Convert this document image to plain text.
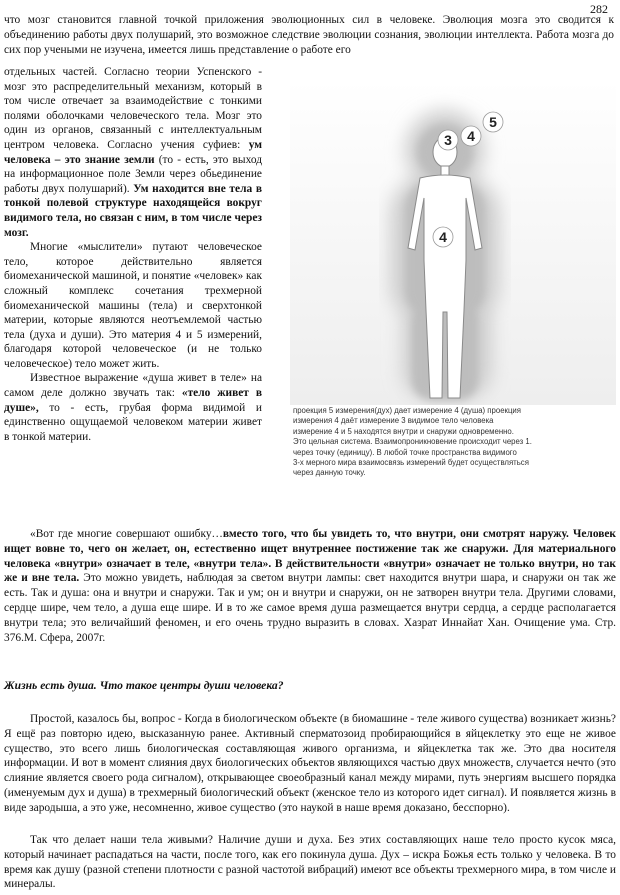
282

что мозг становится главной точкой приложения эволюционных сил в человеке. Эволюция мозга это сводится к объединению работы двух полушарий, это возможное следствие эволюции сознания, эволюции интеллекта. Работа мозга до сих пор учеными не изучена, имеется лишь представление о работе его

отдельных частей. Согласно теории Успенского - мозг это распределительный механизм, который в том числе отвечает за взаимодействие с тонкими полями оболочками человеческого тела. Мозг это один из органов, связанный с интеллектуальным центром человека. Согласно учения суфиев: ум человека – это знание земли (то - есть, это выход на информационное поле Земли через обьединение работы двух полушарий). Ум находится вне тела в тонкой полевой структуре находящейся вокруг видимого тела, но связан с ним, в том числе через мозг.

Многие «мыслители» путают человеческое тело, которое действительно является биомеханической машиной, и понятие «человек» как сложный комплекс сочетания трехмерной биомеханической машины (тела) и сверхтонкой материи, которые являются неотъемлемой частью тела (духа и души). Это материя 4 и 5 измерений, благодаря которой человеческое (и не только человеческое) тело может жить.

Известное выражение «душа живет в теле» на самом деле должно звучать так: «тело живет в душе», то - есть, грубая форма видимой и единственно ощущаемой человеком материи живет в тонкой материи.

3 4
5
4
проекция 5 измерения(дух) дает измерение 4 (душа) проекция
измерения 4 даёт измерение 3 видимое тело человека
измерение 4 и 5 находятся внутри и снаружи одновременно.
Это цельная система. Взаимопроникновение происходит через 1.
через точку (единицу). В любой точке пространства видимого
3-х мерного мира взаимосвязь измерений будет осуществляться
через данную точку.

«Вот где многие совершают ошибку…вместо того, что бы увидеть то, что внутри, они смотрят наружу. Человек ищет вовне то, чего он желает, он, естественно ищет внутреннее постижение так же снаружи. Для материального человека «внутри» означает в теле, «внутри тела». В действительности «внутри» означает не только внутри, но так же и вне тела. Это можно увидеть, наблюдая за светом внутри лампы: свет находится внутри шара, и снаружи он так же есть. Так и душа: она и внутри и снаружи. Так и ум; он и внутри и снаружи, он не затворен внутри тела. Другими словами, сердце шире, чем тело, а душа еще шире. И в то же самое время душа размещается внутри сердца, а сердце располагается внутри тела; это величайший феномен, и его очень трудно выразить в словах. Хазрат Иннайат Хан. Очищение ума. Стр. 376.М. Сфера, 2007г.

Жизнь есть душа. Что такое центры души человека?

Простой, казалось бы, вопрос - Когда в биологическом объекте (в биомашине - теле живого существа) возникает жизнь? Я ещё раз повторю идею, высказанную ранее. Активный сперматозоид пробирающийся в яйцеклетку это еще не живое существо, это всего лишь биологическая составляющая живого организма, и яйцеклетка так же. Это два носителя информации. И вот в момент слияния двух биологических объектов являющихся частью двух множеств, случается нечто (это слияние является своего рода сигналом), открывающее своеобразный канал между мирами, путь энергиям высшего порядка (именуемым дух и душа) в трехмерный биологический объект (женское тело из которого идет сигнал). И появляется жизнь в виде зародыша, а это уже, несомненно, живое существо (это наукой в наше время доказано, бесспорно).

Так что делает наши тела живыми? Наличие души и духа. Без этих составляющих наше тело просто кусок мяса, который начинает распадаться на части, после того, как его покинула душа. Дух – искра Божья есть только у человека. В то время как душу (разной степени плотности с разной частотой вибраций) имеют все объекты трехмерного мира, в том числе и минералы.
